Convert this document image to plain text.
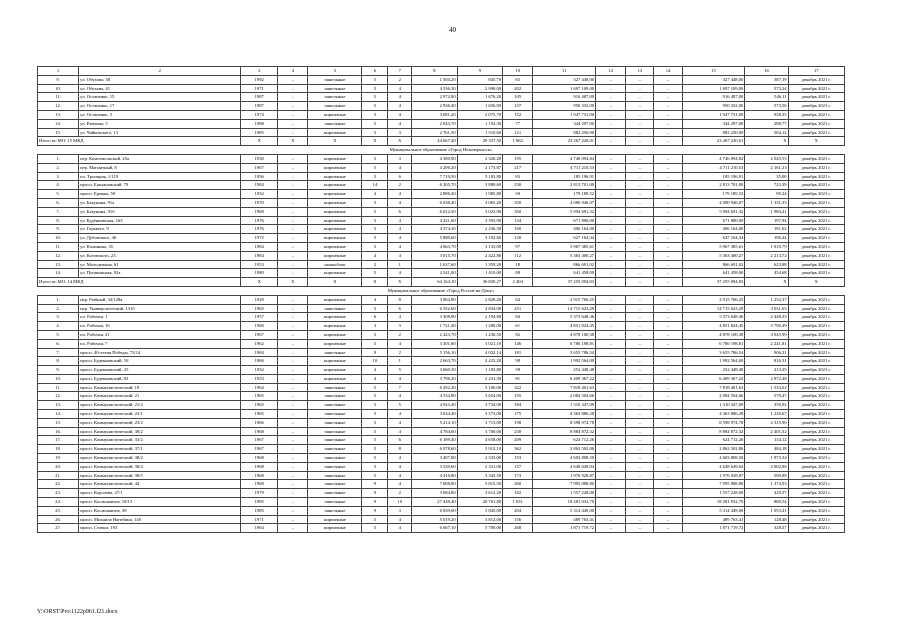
40
1	2	3	4	5	6	7	8	9	10	11	12	13	14	15	16	17
9.	ул. Обухова, 38	1992	–	панельные	5	2	1 504,20	845,70	65	327 448,00	–	–	–	327 448,00	387,19	декабрь 2021 г.
10.	ул. Обухова, 41	1971	–	панельные	5	4	4 536,30	2 998,00	202	1 697 109,00	–	–	–	1 697 109,00	573,24	декабрь 2021 г.
11.	ул. Остапенко, 15	1987	–	панельные	5	4	2 972,80	1 676,20	105	916 487,00	–	–	–	916 487,00	546,11	декабрь 2021 г.
12.	ул. Остапенко, 17	1987	–	панельные	5	4	2 936,40	1 656,90	137	950 332,00	–	–	–	950 332,00	573,56	декабрь 2021 г.
13.	ул. Остапенко, 5	1974	–	кирпичные	5	4	3 081,20	2 075,70	152	1 947 731,00	–	–	–	1 947 731,00	938,35	декабрь 2021 г.
14.	ул. Рамзина, 5	1988	–	панельные	5	4	2 043,70	1 192,30	77	344 297,00	–	–	–	344 297,00	288,77	декабрь 2021 г.
15.	ул. Чайковского, 13	1985	–	кирпичные	5	3	2 761,50	1 510,60	121	882 250,00	–	–	–	882 250,00	584,12	декабрь 2021 г.
Итого по МО: 15 МКД		X	X	X	X	X	44 667,40	29 337,50	1 862	23 267 220,01	–	–	–	23 267 220,01	X	X
Муниципальное образование «Город Новочеркасск»																
1.	пер. Комсомольский, 25а	1930	–	кирпичные	5	3	4 380,90	2 320,20	195	4 746 094,84	–	–	–	4 746 094,84	2 045,55	декабрь 2021 г.
2.	пер. Магнитный, 8	1967	–	кирпичные	5	4	4 206,20	2 173,87	217	4 711 210,53	–	–	–	4 711 210,53	2 161,23	декабрь 2021 г.
3.	пл. Троицкая, 1/119	1956	–	кирпичные	5	6	7 719,50	5 183,80	83	185 196,91	–	–	–	185 196,91	35,00	декабрь 2021 г.
4.	просп. Баклановский, 79	1984	–	кирпичные	14	2	6 205,70	3 889,60	230	2 813 701,00	–	–	–	2 813 701,00	723,39	декабрь 2021 г.
5.	просп. Ермака, 50	1952	–	кирпичные	4	4	2 886,20	1 985,80	50	179 189,52	–	–	–	179 189,52	90,24	декабрь 2021 г.
6.	ул. Бакунина, 91а	1970	–	кирпичные	5	4	6 038,40	3 065,20	350	4 080 946,07	–	–	–	4 080 946,07	1 331,35	декабрь 2021 г.
7.	ул. Бакунина, 91б	1969	–	кирпичные	5	6	6 012,50	3 023,90	350	5 994 691,32	–	–	–	5 994 691,32	1 984,41	декабрь 2021 г.
8.	ул. Будённовская, 163	1976	–	кирпичные	5	4	4 421,60	3 393,90	134	671 800,00	–	–	–	671 800,00	197,94	декабрь 2021 г.
9.	ул. Горького, 9	1976	–	кирпичные	5	4	4 374,30	2 236,30	160	406 164,00	–	–	–	406 164,00	181,62	декабрь 2021 г.
10.	ул. Дубовского, 46	1972	–	кирпичные	5	4	5 880,60	3 192,60	120	627 164,34	–	–	–	627 164,34	196,44	декабрь 2021 г.
11.	ул. Калинина, 35	1984	–	кирпичные	5	4	4 663,70	3 133,00	97	5 967 385,61	–	–	–	5 967 385,61	1 910,79	декабрь 2021 г.
12.	ул. Котовского, 23	1984	–	кирпичные	4	4	3 015,70	2 422,80	112	5 363 400,27	–	–	–	5 363 400,27	2 213,72	декабрь 2021 г.
13.	ул. Молодежная, 61	1953	–	шлакоблок	2	1	1 637,60	1 359,20	18	866 691,02	–	–	–	866 691,02	623,88	декабрь 2021 г.
14.	ул. Пушкинская, 92а	1980	–	кирпичные	5	4	2 541,00	1 410,00	88	641 458,00	–	–	–	641 458,00	454,68	декабрь 2021 г.
Итого по МО: 14 МКД		X	X	X	X	X	64 164,10	36 820,27	2 404	37 255 094,03	–	–	–	37 255 094,03	X	X
Муниципальное образование «Город Ростов-на-Дону»																
1.	пер. Рыбный, 34/128а	1929	–	кирпичные	4	8	3 964,80	2 828,20	64	2 915 766,25	–	–	–	2 915 766,25	1 252,37	декабрь 2021 г.
2.	пер. Университетский, 131б	1965	–	панельные	5	6	6 352,60	4 834,00	251	14 715 623,29	–	–	–	14 715 623,29	3 031,65	декабрь 2021 г.
3.	пл. Рабочая, 1	1957	–	кирпичные	6	4	3 308,90	2 194,80	84	5 373 648,36	–	–	–	5 373 648,36	2 448,35	декабрь 2021 г.
4.	пл. Рабочая, 10	1960	–	кирпичные	3	3	1 721,40	1 280,00	61	4 851 824,45	–	–	–	4 851 824,45	3 790,49	декабрь 2021 г.
5.	пл. Рабочая, 21	1967	–	кирпичные	5	2	2 423,70	1 236,50	82	4 878 100,38	–	–	–	4 878 100,38	3 945,99	декабрь 2021 г.
6.	пл. Рабочая, 7	1962	–	кирпичные	5	4	3 301,60	3 021,10	146	6 786 198,81	–	–	–	6 786 198,81	2 241,81	декабрь 2021 г.
7.	просп. 40-летия Победы, 73/14	1984	–	панельные	9	2	5 156,10	4 032,14	181	3 655 786,54	–	–	–	3 655 786,54	906,31	декабрь 2021 г.
8.	просп. Буденновский, 16	1966	–	кирпичные	10	1	2 663,70	2 423,20	98	1 992 564,00	–	–	–	1 992 564,00	816,31	декабрь 2021 г.
9.	просп. Буденновский, 25	1952	–	кирпичные	4	5	3 660,30	1 183,80	58	252 448,48	–	–	–	252 448,48	213,25	декабрь 2021 г.
10.	просп. Буденновский, 92	1953	–	кирпичные	4	4	3 796,20	2 231,30	81	6 409 367,22	–	–	–	6 409 367,22	2 872,48	декабрь 2021 г.
11.	просп. Коммунистический, 19	1964	–	панельные	5	7	6 292,30	5 100,00	322	7 818 401,63	–	–	–	7 818 401,63	1 533,02	декабрь 2021 г.
12.	просп. Коммунистический, 21	1965	–	панельные	5	4	4 534,80	3 654,00	195	2 084 504,66	–	–	–	2 084 504,66	570,47	декабрь 2021 г.
13.	просп. Коммунистический, 21/2	1965	–	панельные	5	5	4 923,40	3 734,00	184	1 310 347,09	–	–	–	1 310 347,09	350,92	декабрь 2021 г.
14.	просп. Коммунистический, 23/1	1965	–	панельные	5	4	3 634,40	3 573,00	175	4 363 886,28	–	–	–	4 363 886,28	1 220,67	декабрь 2021 г.
15.	просп. Коммунистический, 23/2	1966	–	панельные	5	4	5 214,10	3 713,00	198	8 598 974,78	–	–	–	8 598 974,78	2 315,90	декабрь 2021 г.
16.	просп. Коммунистический, 30/2	1968	–	панельные	5	4	4 784,60	3 700,00	230	8 884 872,32	–	–	–	8 884 872,32	2 401,32	декабрь 2021 г.
17.	просп. Коммунистический, 33/2	1967	–	панельные	5	6	6 189,40	4 658,00	209	624 712,26	–	–	–	624 712,26	134,12	декабрь 2021 г.
18.	просп. Коммунистический, 37/1	1967	–	панельные	5	8	6 078,60	5 912,10	362	2 862 502,86	–	–	–	2 862 502,86	484,18	декабрь 2021 г.
19.	просп. Коммунистический, 38/2	1968	–	панельные	5	4	3 407,80	2 333,00	153	4 603 808,50	–	–	–	4 603 808,50	1 973,34	декабрь 2021 г.
20.	просп. Коммунистический, 38/4	1968	–	панельные	5	4	3 339,60	2 321,00	157	4 648 649,04	–	–	–	4 648 649,04	2 002,86	декабрь 2021 г.
21.	просп. Коммунистический, 38/5	1968	–	панельные	5	4	4 416,80	3 345,50	173	1 976 928,87	–	–	–	1 976 928,87	590,89	декабрь 2021 г.
22.	просп. Коммунистический, 44	1969	–	панельные	9	4	7 688,80	5 815,50	260	7 995 888,80	–	–	–	7 995 888,80	1 374,93	декабрь 2021 г.
23.	просп. Королева, 27/1	1979	–	панельные	9	2	3 684,80	3 612,20	182	1 557 228,00	–	–	–	1 557 228,00	429,57	декабрь 2021 г.
24.	просп. Космонавтов, 18/15	1985	–	панельные	9	10	27 439,40	20 761,80	1 031	18 281 932,70	–	–	–	18 281 932,70	880,54	декабрь 2021 г.
25.	просп. Космонавтов, 39	1985	–	панельные	9	3	6 839,00	5 845,00	204	5 314 449,00	–	–	–	5 314 449,00	1 053,41	декабрь 2021 г.
26.	просп. Михаила Нагибина, 14б	1971	–	кирпичные	5	4	5 019,20	3 812,00	156	489 763,41	–	–	–	489 763,41	128,48	декабрь 2021 г.
27.	просп. Стачки, 193	1964	–	кирпичные	5	4	6 667,10	5 700,00	268	1 871 719,72	–	–	–	1 871 719,72	328,37	декабрь 2021 г.
Y:\ORST\Pro\1122p961.f21.docx
